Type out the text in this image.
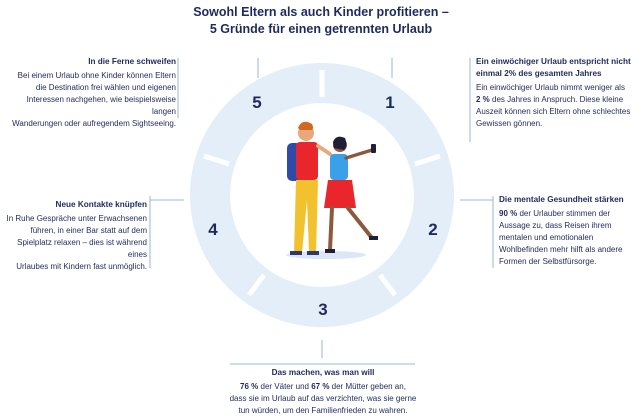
Sowohl Eltern als auch Kinder profitieren –
5 Gründe für einen getrennten Urlaub
1
2
3
4
5
In die Ferne schweifen
Bei einem Urlaub ohne Kinder können Eltern
die Destination frei wählen und eigenen
Interessen nachgehen, wie beispielsweise langen
Wanderungen oder aufregendem Sightseeing.
Ein einwöchiger Urlaub entspricht nicht
einmal 2% des gesamten Jahres
Ein einwöchiger Urlaub nimmt weniger als
2 % des Jahres in Anspruch. Diese kleine
Auszeit können sich Eltern ohne schlechtes
Gewissen gönnen.
Neue Kontakte knüpfen
In Ruhe Gespräche unter Erwachsenen
führen, in einer Bar statt auf dem
Spielplatz relaxen – dies ist während eines
Urlaubes mit Kindern fast unmöglich.
Die mentale Gesundheit stärken
90 % der Urlauber stimmen der
Aussage zu, dass Reisen ihrem
mentalen und emotionalen
Wohlbefinden mehr hilft als andere
Formen der Selbstfürsorge.
Das machen, was man will
76 % der Väter und 67 % der Mütter geben an,
dass sie im Urlaub auf das verzichten, was sie gerne
tun würden, um den Familienfrieden zu wahren.
